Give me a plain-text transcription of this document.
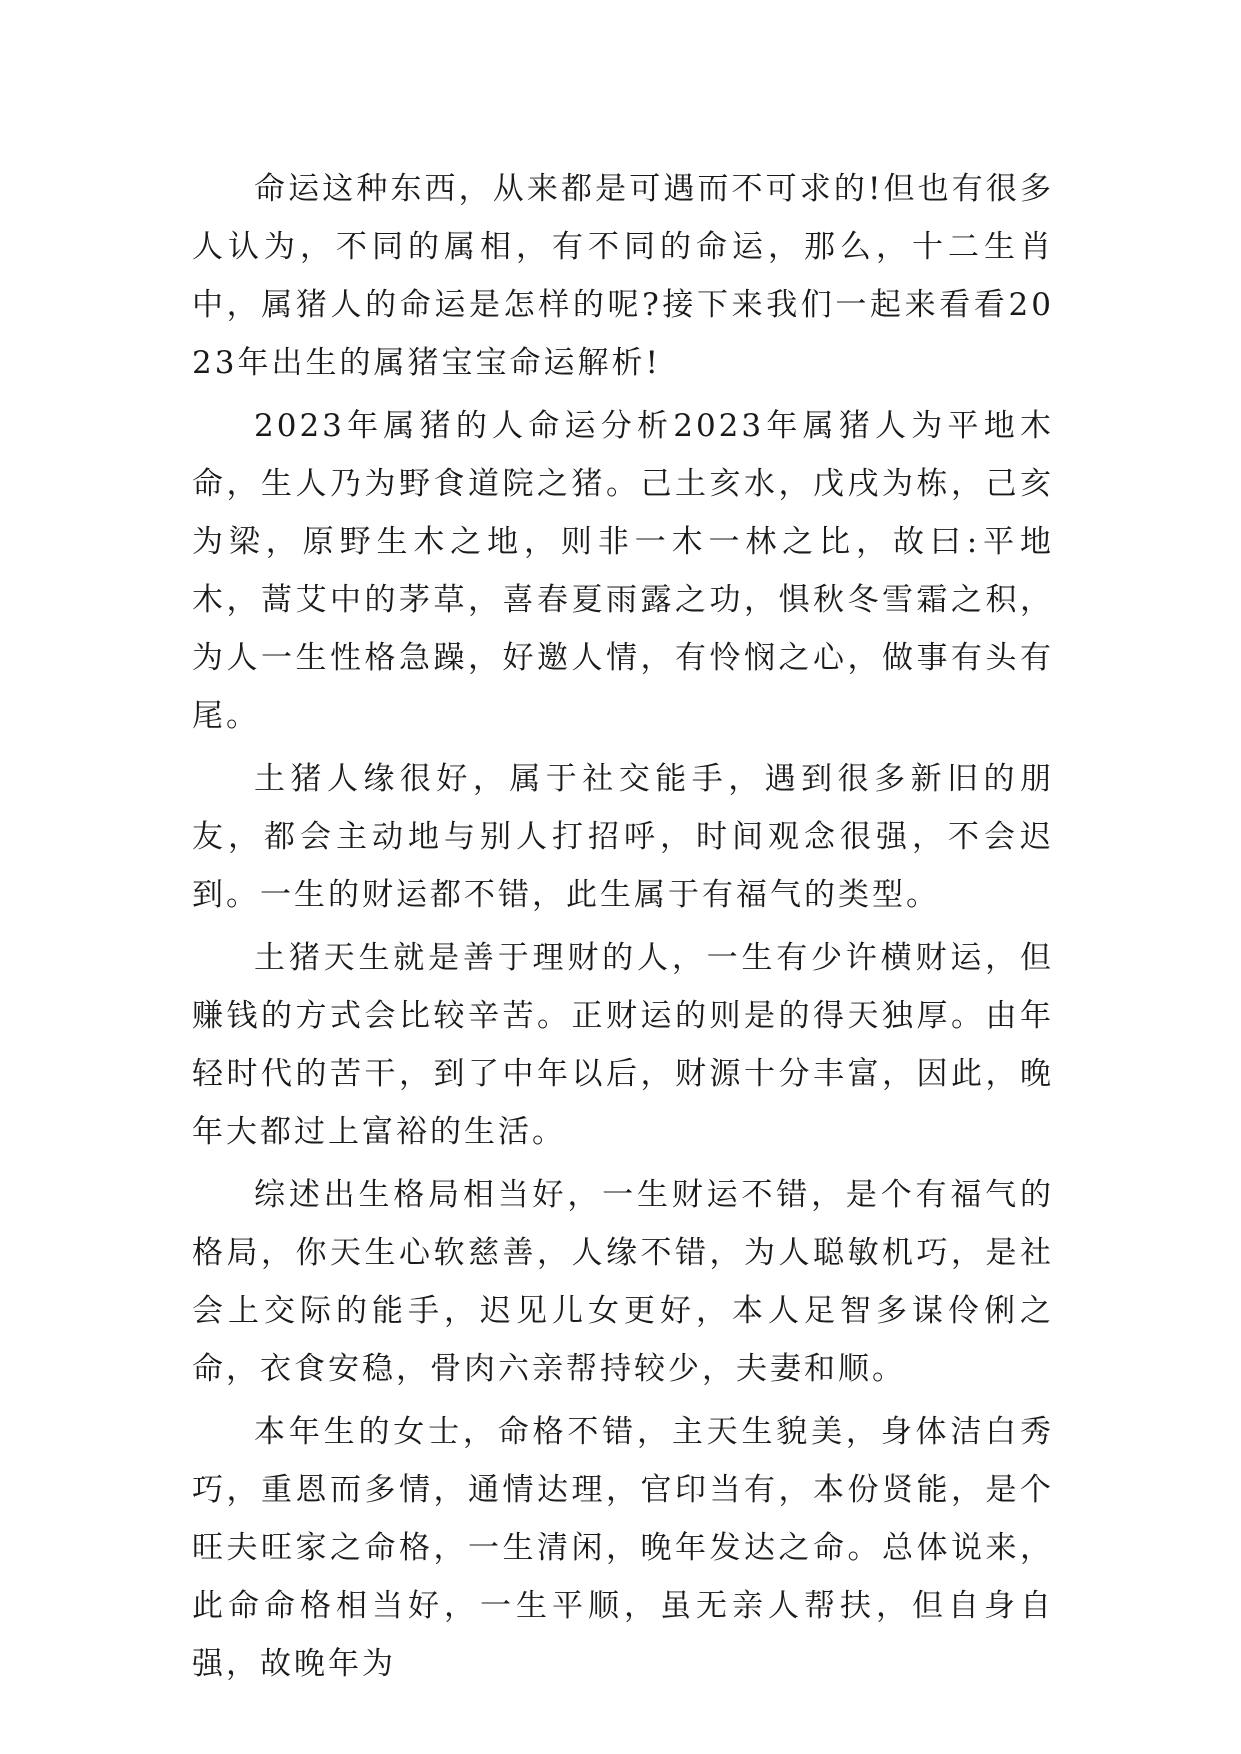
命运这种东西，从来都是可遇而不可求的!但也有很多人认为，不同的属相，有不同的命运，那么，十二生肖中，属猪人的命运是怎样的呢?接下来我们一起来看看2023年出生的属猪宝宝命运解析!

2023年属猪的人命运分析2023年属猪人为平地木命，生人乃为野食道院之猪。己土亥水，戊戌为栋，己亥为梁，原野生木之地，则非一木一林之比，故曰:平地木，蒿艾中的茅草，喜春夏雨露之功，惧秋冬雪霜之积，为人一生性格急躁，好邀人情，有怜悯之心，做事有头有尾。

土猪人缘很好，属于社交能手，遇到很多新旧的朋友，都会主动地与别人打招呼，时间观念很强，不会迟到。一生的财运都不错，此生属于有福气的类型。

土猪天生就是善于理财的人，一生有少许横财运，但赚钱的方式会比较辛苦。正财运的则是的得天独厚。由年轻时代的苦干，到了中年以后，财源十分丰富，因此，晚年大都过上富裕的生活。

综述出生格局相当好，一生财运不错，是个有福气的格局，你天生心软慈善，人缘不错，为人聪敏机巧，是社会上交际的能手，迟见儿女更好，本人足智多谋伶俐之命，衣食安稳，骨肉六亲帮持较少，夫妻和顺。

本年生的女士，命格不错，主天生貌美，身体洁白秀巧，重恩而多情，通情达理，官印当有，本份贤能，是个旺夫旺家之命格，一生清闲，晚年发达之命。总体说来，此命命格相当好，一生平顺，虽无亲人帮扶，但自身自强，故晚年为
